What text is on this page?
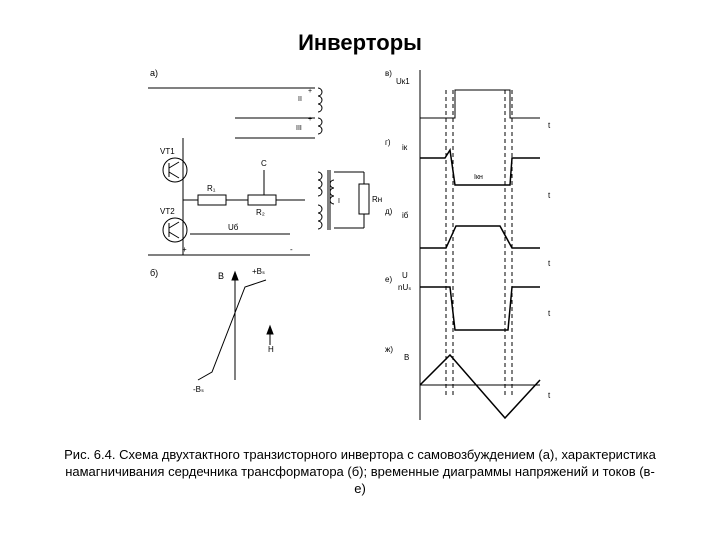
Инверторы
а)
II
III
+
+
VT1
VT2
R₁
R₂
C
Uб
I	Rн
+	-
б)	B	+Bₛ
-Bₛ
H
в)
г)
д)
е)
ж)
Uк1
t
iк
Iкн
t
iб
t
U
nUₛ
t
B
t
Рис. 6.4. Схема двухтактного транзисторного инвертора с самовозбуждением (а), характеристика намагничивания сердечника трансформатора (б); временные диаграммы напряжений и токов (в-е)
